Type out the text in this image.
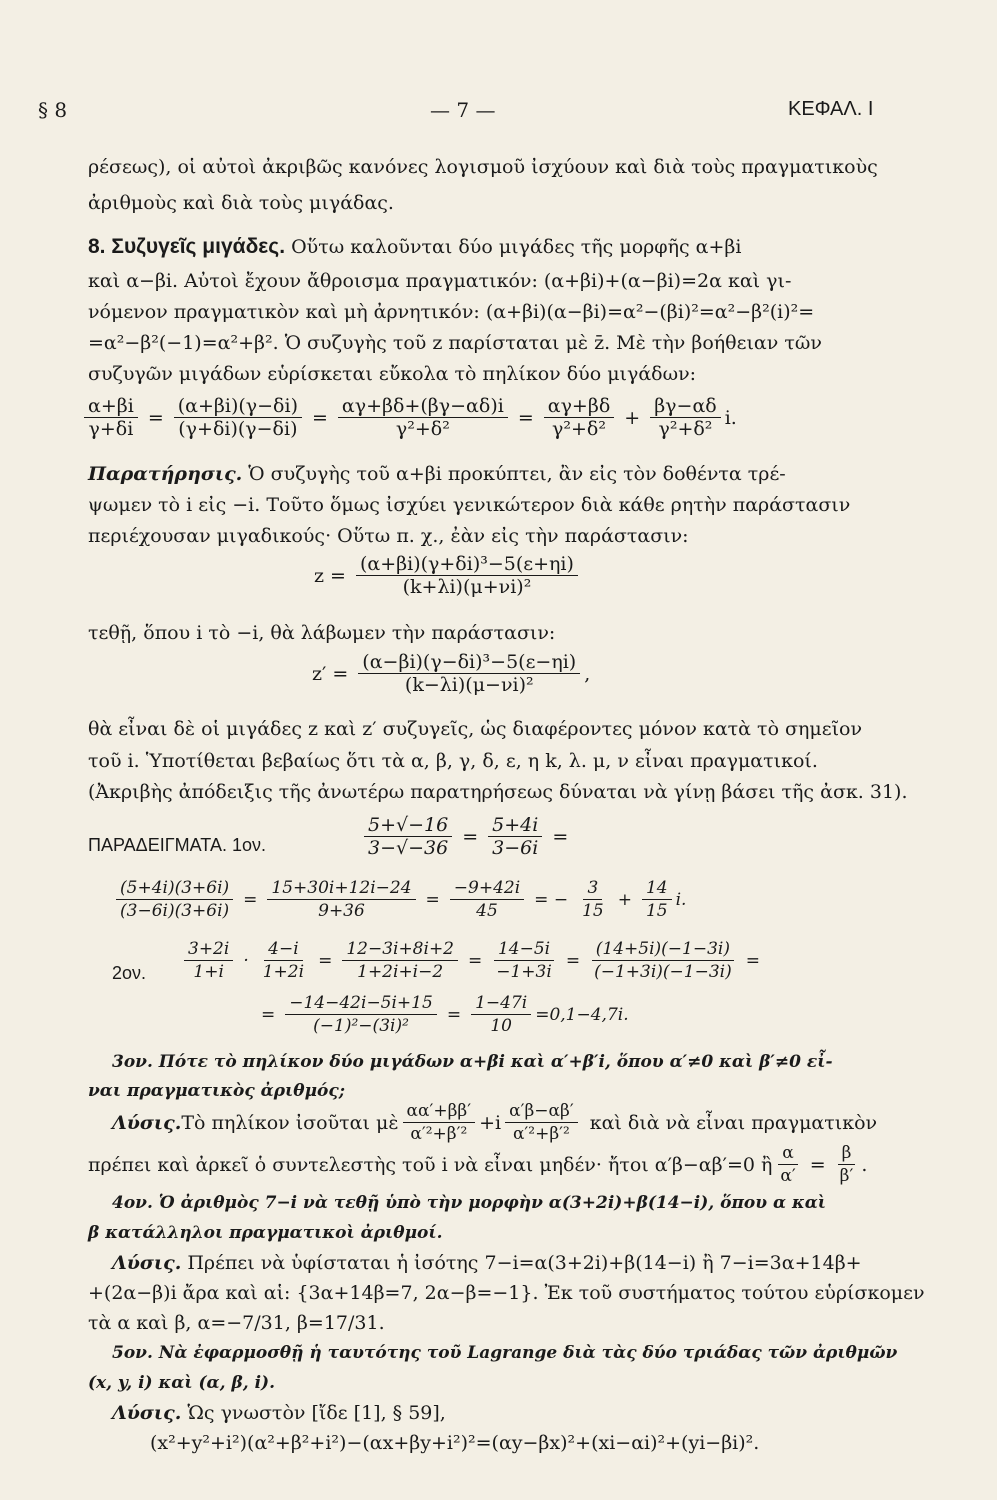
§ 8	— 7 —	ΚΕΦΑΛ. Ι
ρέσεως), οἱ αὐτοὶ ἀκριβῶς κανόνες λογισμοῦ ἰσχύουν καὶ διὰ τοὺς πραγματικοὺς
ἀριθμοὺς καὶ διὰ τοὺς μιγάδας.
8. Συζυγεῖς μιγάδες. Οὕτω καλοῦνται δύο μιγάδες τῆς μορφῆς α+βi
καὶ α−βi. Αὐτοὶ ἔχουν ἄθροισμα πραγματικόν: (α+βi)+(α−βi)=2α καὶ γι-
νόμενον πραγματικὸν καὶ μὴ ἀρνητικόν: (α+βi)(α−βi)=α²−(βi)²=α²−β²(i)²=
=α²−β²(−1)=α²+β². Ὁ συζυγὴς τοῦ z παρίσταται μὲ z̄. Μὲ τὴν βοήθειαν τῶν
συζυγῶν μιγάδων εὑρίσκεται εὔκολα τὸ πηλίκον δύο μιγάδων:
$\frac{\alpha+\beta i}{\gamma+\delta i} = \frac{(\alpha+\beta i)(\gamma-\delta i)}{(\gamma+\delta i)(\gamma-\delta i)} = \frac{\alpha\gamma+\beta\delta+(\beta\gamma-\alpha\delta)i}{\text{γ²+δ²}} = \frac{\alpha\gamma+\beta\delta}{\text{γ²+δ²}} + \frac{\beta\gamma-\alpha\delta}{\text{γ²+δ²}} i$.
Παρατήρησις. Ὁ συζυγὴς τοῦ α+βi προκύπτει, ἂν εἰς τὸν δοθέντα τρέ-
ψωμεν τὸ i εἰς −i. Τοῦτο ὅμως ἰσχύει γενικώτερον διὰ κάθε ρητὴν παράστασιν
περιέχουσαν μιγαδικούς· Οὕτω π. χ., ἐὰν εἰς τὴν παράστασιν:
$z = \frac{\text{(α+βi)(γ+δi)³−5(ε+ηi)}}{\text{(k+λi)(μ+νi)²}}$
τεθῇ, ὅπου i τὸ −i, θὰ λάβωμεν τὴν παράστασιν:
$z' = \frac{\text{(α−βi)(γ−δi)³−5(ε−ηi)}}{\text{(k−λi)(μ−νi)²}}$ ,
θὰ εἶναι δὲ οἱ μιγάδες z καὶ z′ συζυγεῖς, ὡς διαφέροντες μόνον κατὰ τὸ σημεῖον
τοῦ i. Ὑποτίθεται βεβαίως ὅτι τὰ α, β, γ, δ, ε, η k, λ. μ, ν εἶναι πραγματικοί.
(Ἀκριβὴς ἀπόδειξις τῆς ἀνωτέρω παρατηρήσεως δύναται νὰ γίνῃ βάσει τῆς ἀσκ. 31).
ΠΑΡΑΔΕΙΓΜΑΤΑ. 1ον.	$\frac{5+√-16}{3-√-36} = \frac{5+4i}{3-6i}$ =
$\frac{(5+4i)(3+6i)}{(3-6i)(3+6i)} = \frac{15+30i+12i-24}{9+36} = \frac{-9+42i}{45}$ = − $\frac{3}{15} + \frac{14}{15} i$.
2ον. $\frac{3+2i}{1+i} \cdot \frac{4-i}{1+2i} = \frac{12-3i+8i+2}{1+2i+i-2} = \frac{14-5i}{-1+3i} = \frac{(14+5i)(-1-3i)}{(-1+3i)(-1-3i)}$ =
= $\frac{-14-42i-5i+15}{\text{(−1)²−(3i)²}} = \frac{1-47i}{10} =0,1-4,7i$.
3ον. Πότε τὸ πηλίκον δύο μιγάδων α+βi καὶ α′+β′i, ὅπου α′≠0 καὶ β′≠0 εἶ-
ναι πραγματικὸς ἀριθμός;
Λύσις. Τὸ πηλίκον ἰσοῦται μὲ $\frac{\alpha\alpha'+\beta\beta'}{\text{α′²+β′²}} +i \frac{\alpha'\beta-\alpha\beta'}{\text{α′²+β′²}}$ καὶ διὰ νὰ εἶναι πραγματικὸν
πρέπει καὶ ἀρκεῖ ὁ συντελεστὴς τοῦ i νὰ εἶναι μηδέν· ἤτοι α′β−αβ′=0 ἢ $\frac{\alpha}{\alpha'} = \frac{\beta}{\beta'}$ .
4ον. Ὁ ἀριθμὸς 7−i νὰ τεθῇ ὑπὸ τὴν μορφὴν α(3+2i)+β(14−i), ὅπου α καὶ
β κατάλληλοι πραγματικοὶ ἀριθμοί.
Λύσις. Πρέπει νὰ ὑφίσταται ἡ ἰσότης 7−i=α(3+2i)+β(14−i) ἢ 7−i=3α+14β+
+(2α−β)i ἄρα καὶ αἱ: {3α+14β=7, 2α−β=−1}. Ἐκ τοῦ συστήματος τούτου εὑρίσκομεν
τὰ α καὶ β, α=−7/31, β=17/31.
5ον. Νὰ ἐφαρμοσθῇ ἡ ταυτότης τοῦ Lagrange διὰ τὰς δύο τριάδας τῶν ἀριθμῶν
(x, y, i) καὶ (α, β, i).
Λύσις. Ὡς γνωστὸν [ἴδε [1], § 59],
(x²+y²+i²)(α²+β²+i²)−(αx+βy+i²)²=(αy−βx)²+(xi−αi)²+(yi−βi)².
